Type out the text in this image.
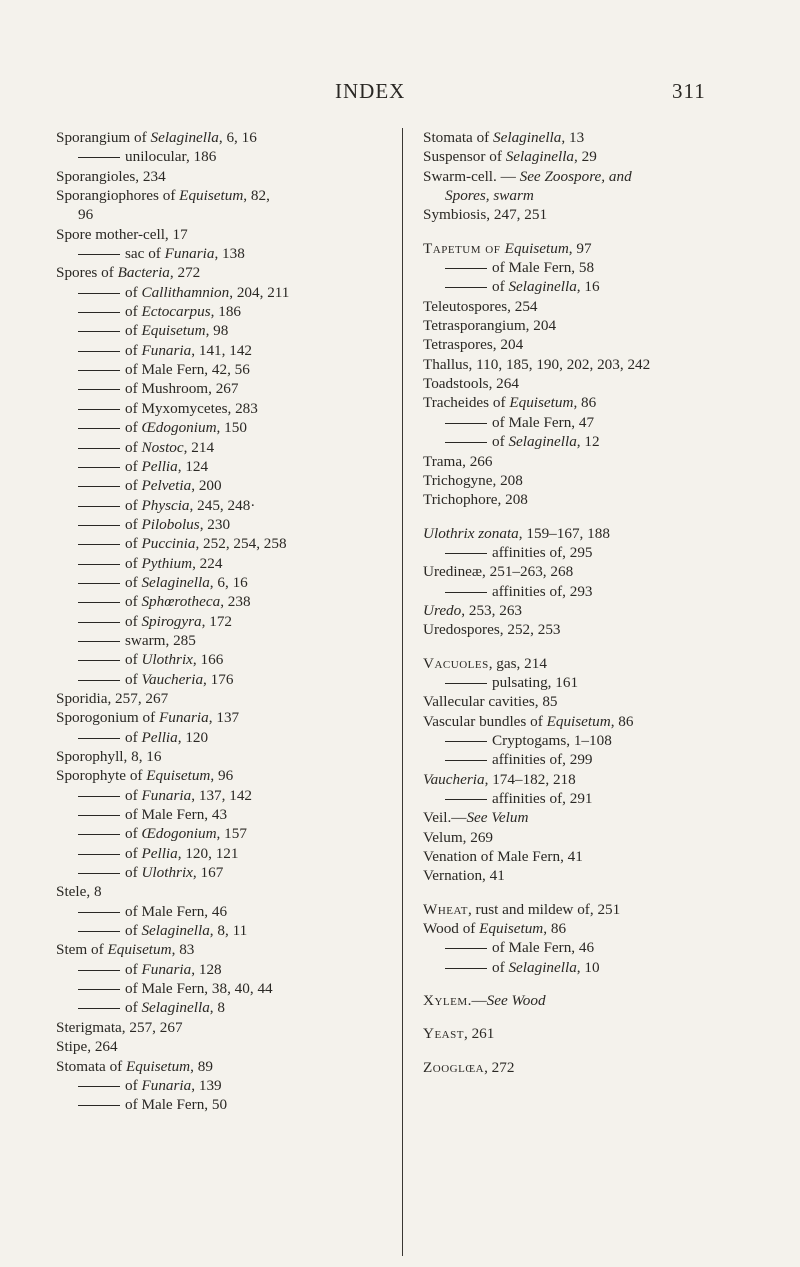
INDEX	311
Sporangium of Selaginella, 6, 16
unilocular, 186
Sporangioles, 234
Sporangiophores of Equisetum, 82,
96
Spore mother-cell, 17
sac of Funaria, 138
Spores of Bacteria, 272
of Callithamnion, 204, 211
of Ectocarpus, 186
of Equisetum, 98
of Funaria, 141, 142
of Male Fern, 42, 56
of Mushroom, 267
of Myxomycetes, 283
of Œdogonium, 150
of Nostoc, 214
of Pellia, 124
of Pelvetia, 200
of Physcia, 245, 248·
of Pilobolus, 230
of Puccinia, 252, 254, 258
of Pythium, 224
of Selaginella, 6, 16
of Sphœrotheca, 238
of Spirogyra, 172
swarm, 285
of Ulothrix, 166
of Vaucheria, 176
Sporidia, 257, 267
Sporogonium of Funaria, 137
of Pellia, 120
Sporophyll, 8, 16
Sporophyte of Equisetum, 96
of Funaria, 137, 142
of Male Fern, 43
of Œdogonium, 157
of Pellia, 120, 121
of Ulothrix, 167
Stele, 8
of Male Fern, 46
of Selaginella, 8, 11
Stem of Equisetum, 83
of Funaria, 128
of Male Fern, 38, 40, 44
of Selaginella, 8
Sterigmata, 257, 267
Stipe, 264
Stomata of Equisetum, 89
of Funaria, 139
of Male Fern, 50
Stomata of Selaginella, 13
Suspensor of Selaginella, 29
Swarm-cell. — See Zoospore, and
Spores, swarm
Symbiosis, 247, 251
Tapetum of Equisetum, 97
of Male Fern, 58
of Selaginella, 16
Teleutospores, 254
Tetrasporangium, 204
Tetraspores, 204
Thallus, 110, 185, 190, 202, 203, 242
Toadstools, 264
Tracheides of Equisetum, 86
of Male Fern, 47
of Selaginella, 12
Trama, 266
Trichogyne, 208
Trichophore, 208
Ulothrix zonata, 159–167, 188
affinities of, 295
Uredineæ, 251–263, 268
affinities of, 293
Uredo, 253, 263
Uredospores, 252, 253
Vacuoles, gas, 214
pulsating, 161
Vallecular cavities, 85
Vascular bundles of Equisetum, 86
Cryptogams, 1–108
affinities of, 299
Vaucheria, 174–182, 218
affinities of, 291
Veil.—See Velum
Velum, 269
Venation of Male Fern, 41
Vernation, 41
Wheat, rust and mildew of, 251
Wood of Equisetum, 86
of Male Fern, 46
of Selaginella, 10
Xylem.—See Wood
Yeast, 261
Zooglœa, 272
